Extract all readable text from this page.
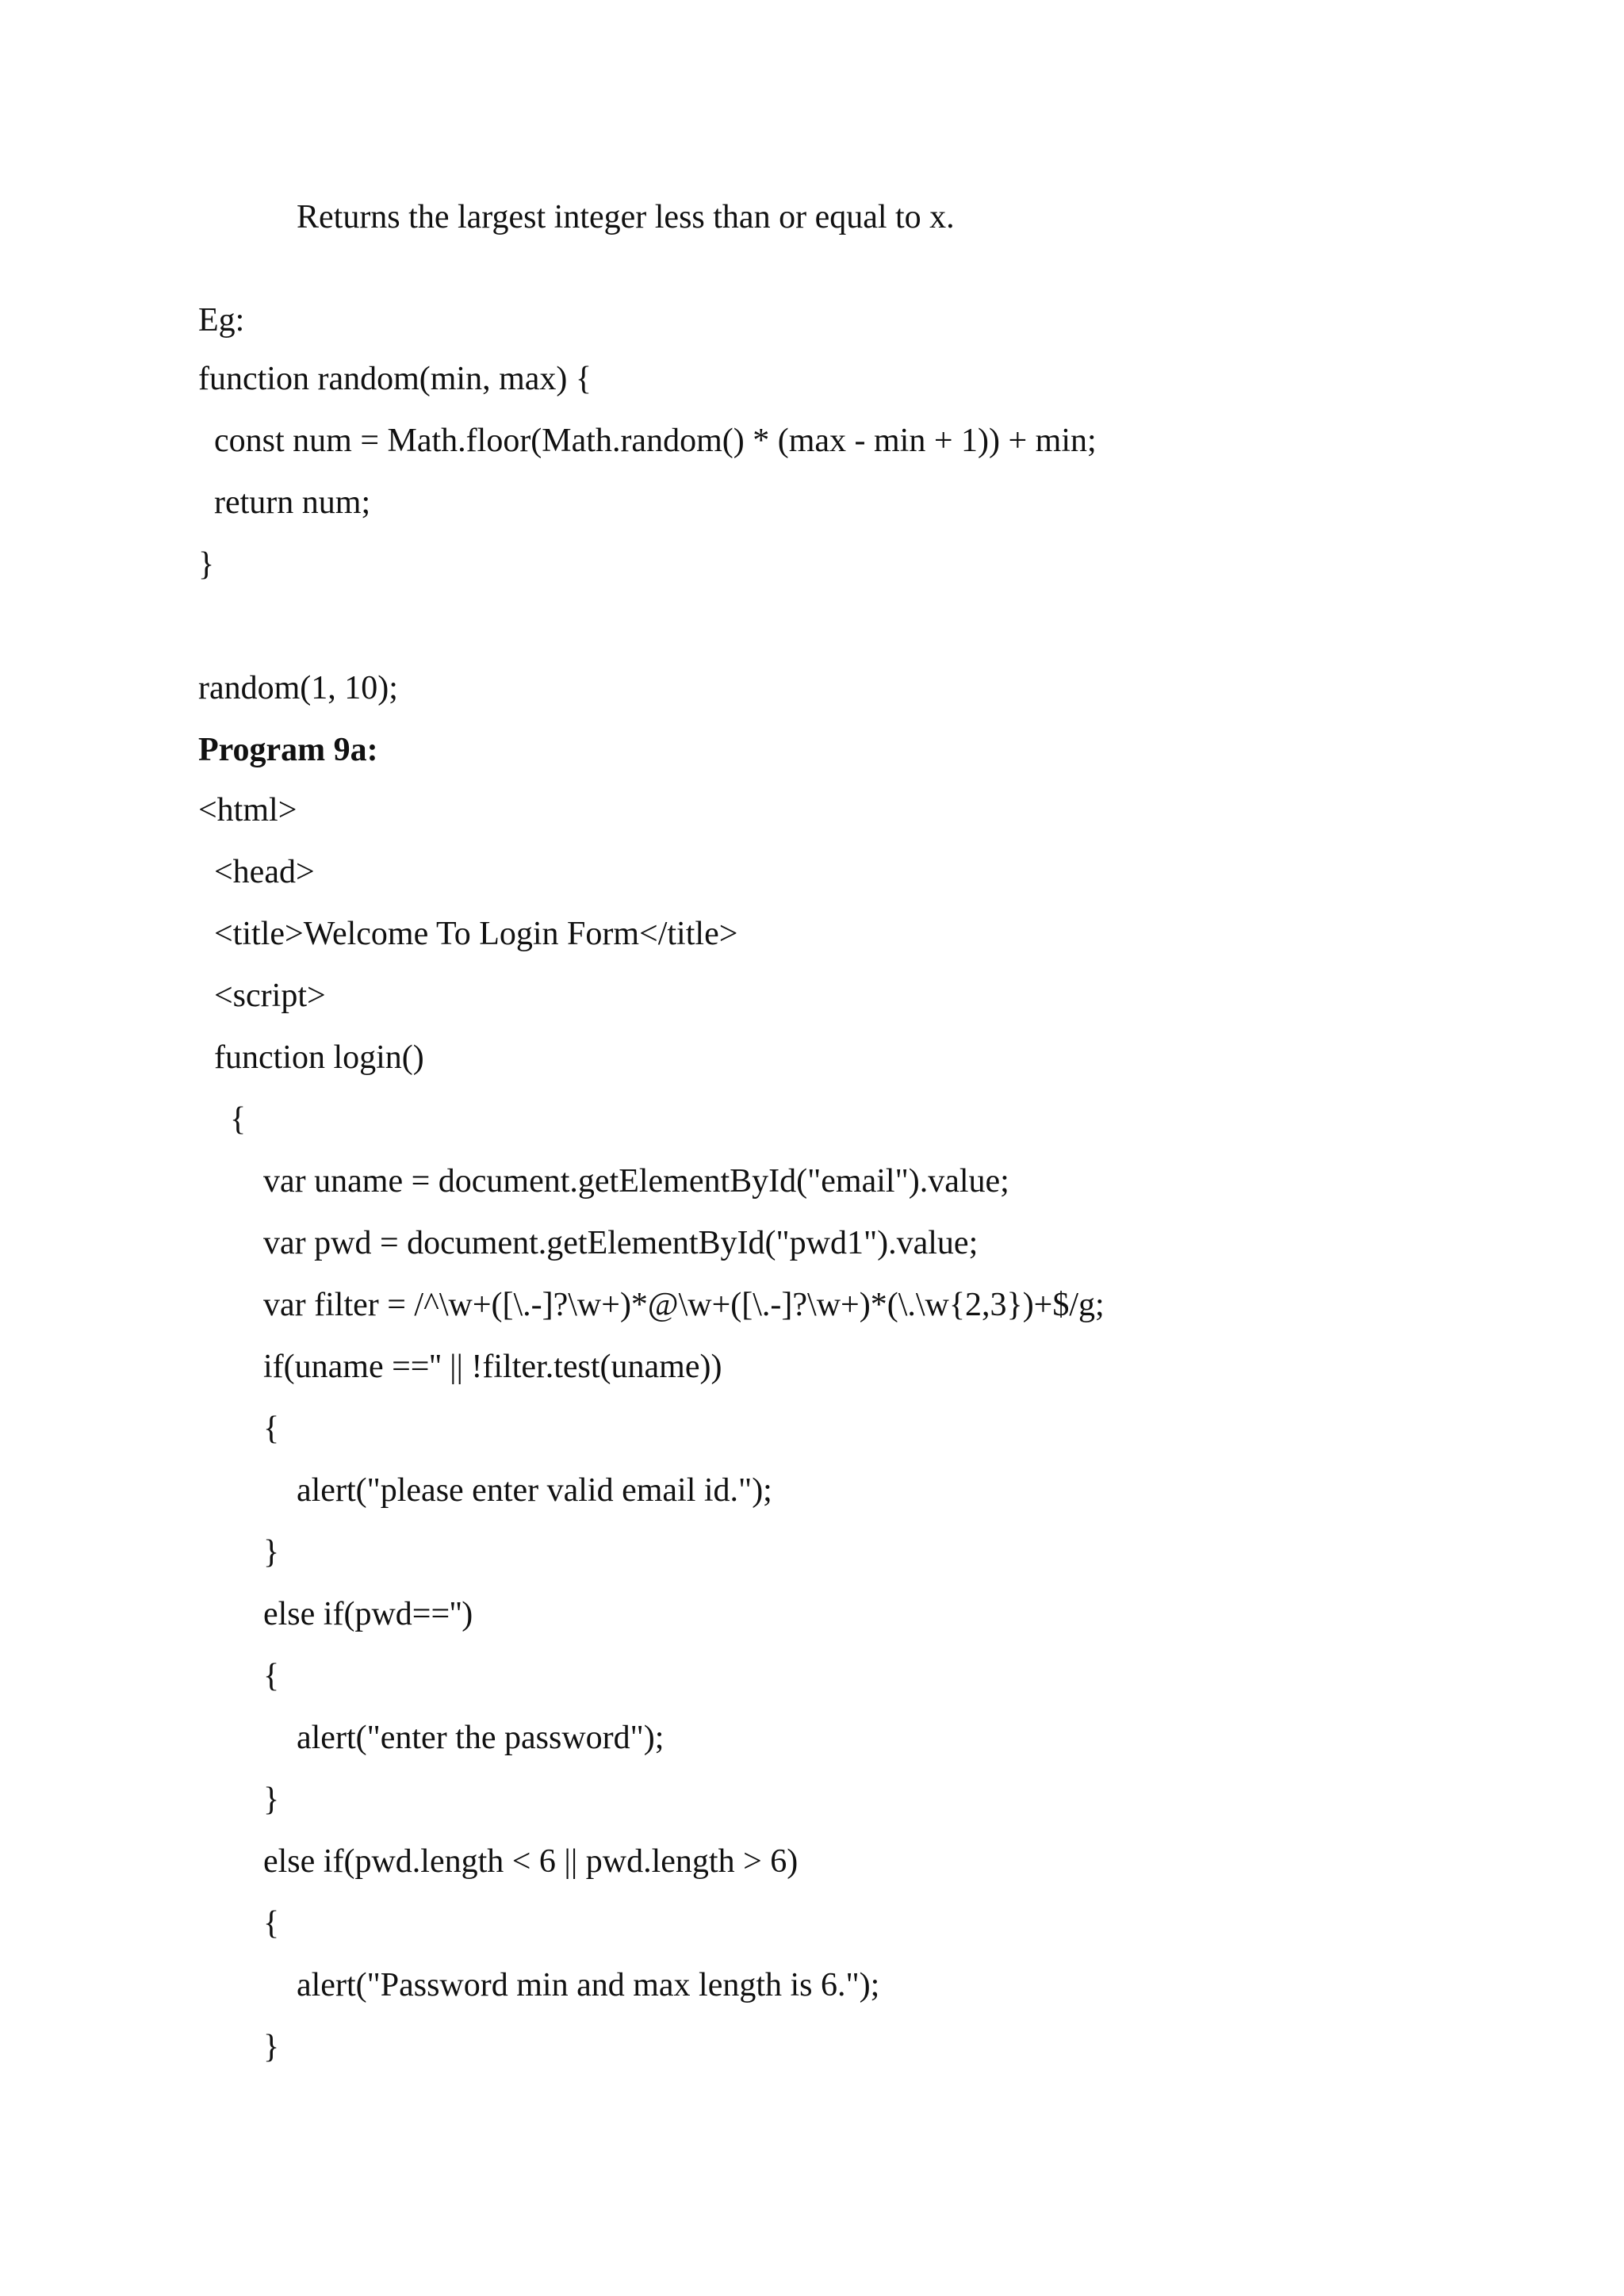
Returns the largest integer less than or equal to x.
Eg:
function random(min, max) {
const num = Math.floor(Math.random() * (max - min + 1)) + min;
return num;
}
random(1, 10);
Program 9a:
<html>
<head>
<title>Welcome To Login Form</title>
<script>
function login()
{
var uname = document.getElementById("email").value;
var pwd = document.getElementById("pwd1").value;
var filter = /^\w+([\.-]?\w+)*@\w+([\.-]?\w+)*(\.\w{2,3})+$/g;
if(uname =='' || !filter.test(uname))
{
alert("please enter valid email id.");
}
else if(pwd=='')
{
alert("enter the password");
}
else if(pwd.length < 6 || pwd.length > 6)
{
alert("Password min and max length is 6.");
}
